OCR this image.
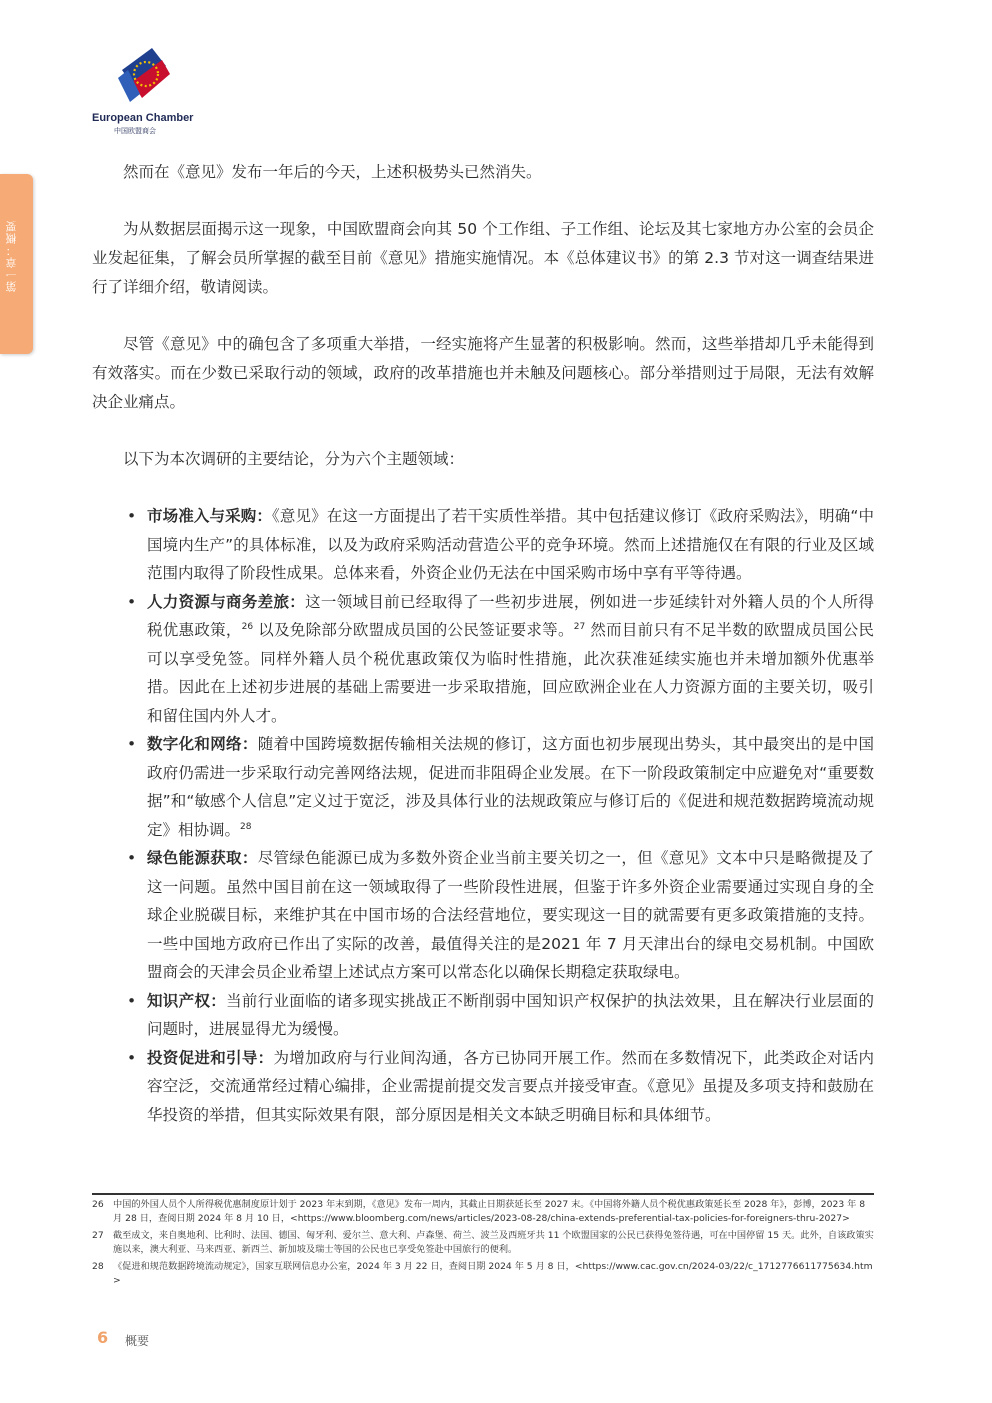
European Chamber
中国欧盟商会
第一章：概要

然而在《意见》发布一年后的今天，上述积极势头已然消失。

为从数据层面揭示这一现象，中国欧盟商会向其 50 个工作组、子工作组、论坛及其七家地方办公室的会员企业发起征集，了解会员所掌握的截至目前《意见》措施实施情况。本《总体建议书》的第 2.3 节对这一调查结果进行了详细介绍，敬请阅读。

尽管《意见》中的确包含了多项重大举措，一经实施将产生显著的积极影响。然而，这些举措却几乎未能得到有效落实。而在少数已采取行动的领域，政府的改革措施也并未触及问题核心。部分举措则过于局限，无法有效解决企业痛点。

以下为本次调研的主要结论，分为六个主题领域：

• 市场准入与采购：《意见》在这一方面提出了若干实质性举措。其中包括建议修订《政府采购法》，明确“中国境内生产”的具体标准，以及为政府采购活动营造公平的竞争环境。然而上述措施仅在有限的行业及区域范围内取得了阶段性成果。总体来看，外资企业仍无法在中国采购市场中享有平等待遇。
• 人力资源与商务差旅：这一领域目前已经取得了一些初步进展，例如进一步延续针对外籍人员的个人所得税优惠政策，$^{26}$ 以及免除部分欧盟成员国的公民签证要求等。$^{27}$ 然而目前只有不足半数的欧盟成员国公民可以享受免签。同样外籍人员个税优惠政策仅为临时性措施，此次获准延续实施也并未增加额外优惠举措。因此在上述初步进展的基础上需要进一步采取措施，回应欧洲企业在人力资源方面的主要关切，吸引和留住国内外人才。
• 数字化和网络：随着中国跨境数据传输相关法规的修订，这方面也初步展现出势头，其中最突出的是中国政府仍需进一步采取行动完善网络法规，促进而非阻碍企业发展。在下一阶段政策制定中应避免对“重要数据”和“敏感个人信息”定义过于宽泛，涉及具体行业的法规政策应与修订后的《促进和规范数据跨境流动规定》相协调。$^{28}$
• 绿色能源获取：尽管绿色能源已成为多数外资企业当前主要关切之一，但《意见》文本中只是略微提及了这一问题。虽然中国目前在这一领域取得了一些阶段性进展，但鉴于许多外资企业需要通过实现自身的全球企业脱碳目标，来维护其在中国市场的合法经营地位，要实现这一目的就需要有更多政策措施的支持。一些中国地方政府已作出了实际的改善，最值得关注的是2021 年 7 月天津出台的绿电交易机制。中国欧盟商会的天津会员企业希望上述试点方案可以常态化以确保长期稳定获取绿电。
• 知识产权：当前行业面临的诸多现实挑战正不断削弱中国知识产权保护的执法效果，且在解决行业层面的问题时，进展显得尤为缓慢。
• 投资促进和引导：为增加政府与行业间沟通，各方已协同开展工作。然而在多数情况下，此类政企对话内容空泛，交流通常经过精心编排，企业需提前提交发言要点并接受审查。《意见》虽提及多项支持和鼓励在华投资的举措，但其实际效果有限，部分原因是相关文本缺乏明确目标和具体细节。
26 中国的外国人员个人所得税优惠制度原计划于 2023 年末到期，《意见》发布一周内，其截止日期获延长至 2027 末。《中国将外籍人员个税优惠政策延长至 2028 年》，彭博，2023 年 8 月 28 日，查阅日期 2024 年 8 月 10 日，<https://www.bloomberg.com/news/articles/2023-08-28/china-extends-preferential-tax-policies-for-foreigners-thru-2027>
27 截至成文，来自奥地利、比利时、法国、德国、匈牙利、爱尔兰、意大利、卢森堡、荷兰、波兰及西班牙共 11 个欧盟国家的公民已获得免签待遇，可在中国停留 15 天。此外，自该政策实施以来，澳大利亚、马来西亚、新西兰、新加坡及瑞士等国的公民也已享受免签赴中国旅行的便利。
28 《促进和规范数据跨境流动规定》，国家互联网信息办公室，2024 年 3 月 22 日，查阅日期 2024 年 5 月 8 日，<https://www.cac.gov.cn/2024-03/22/c_1712776611775634.htm>
6 概要
